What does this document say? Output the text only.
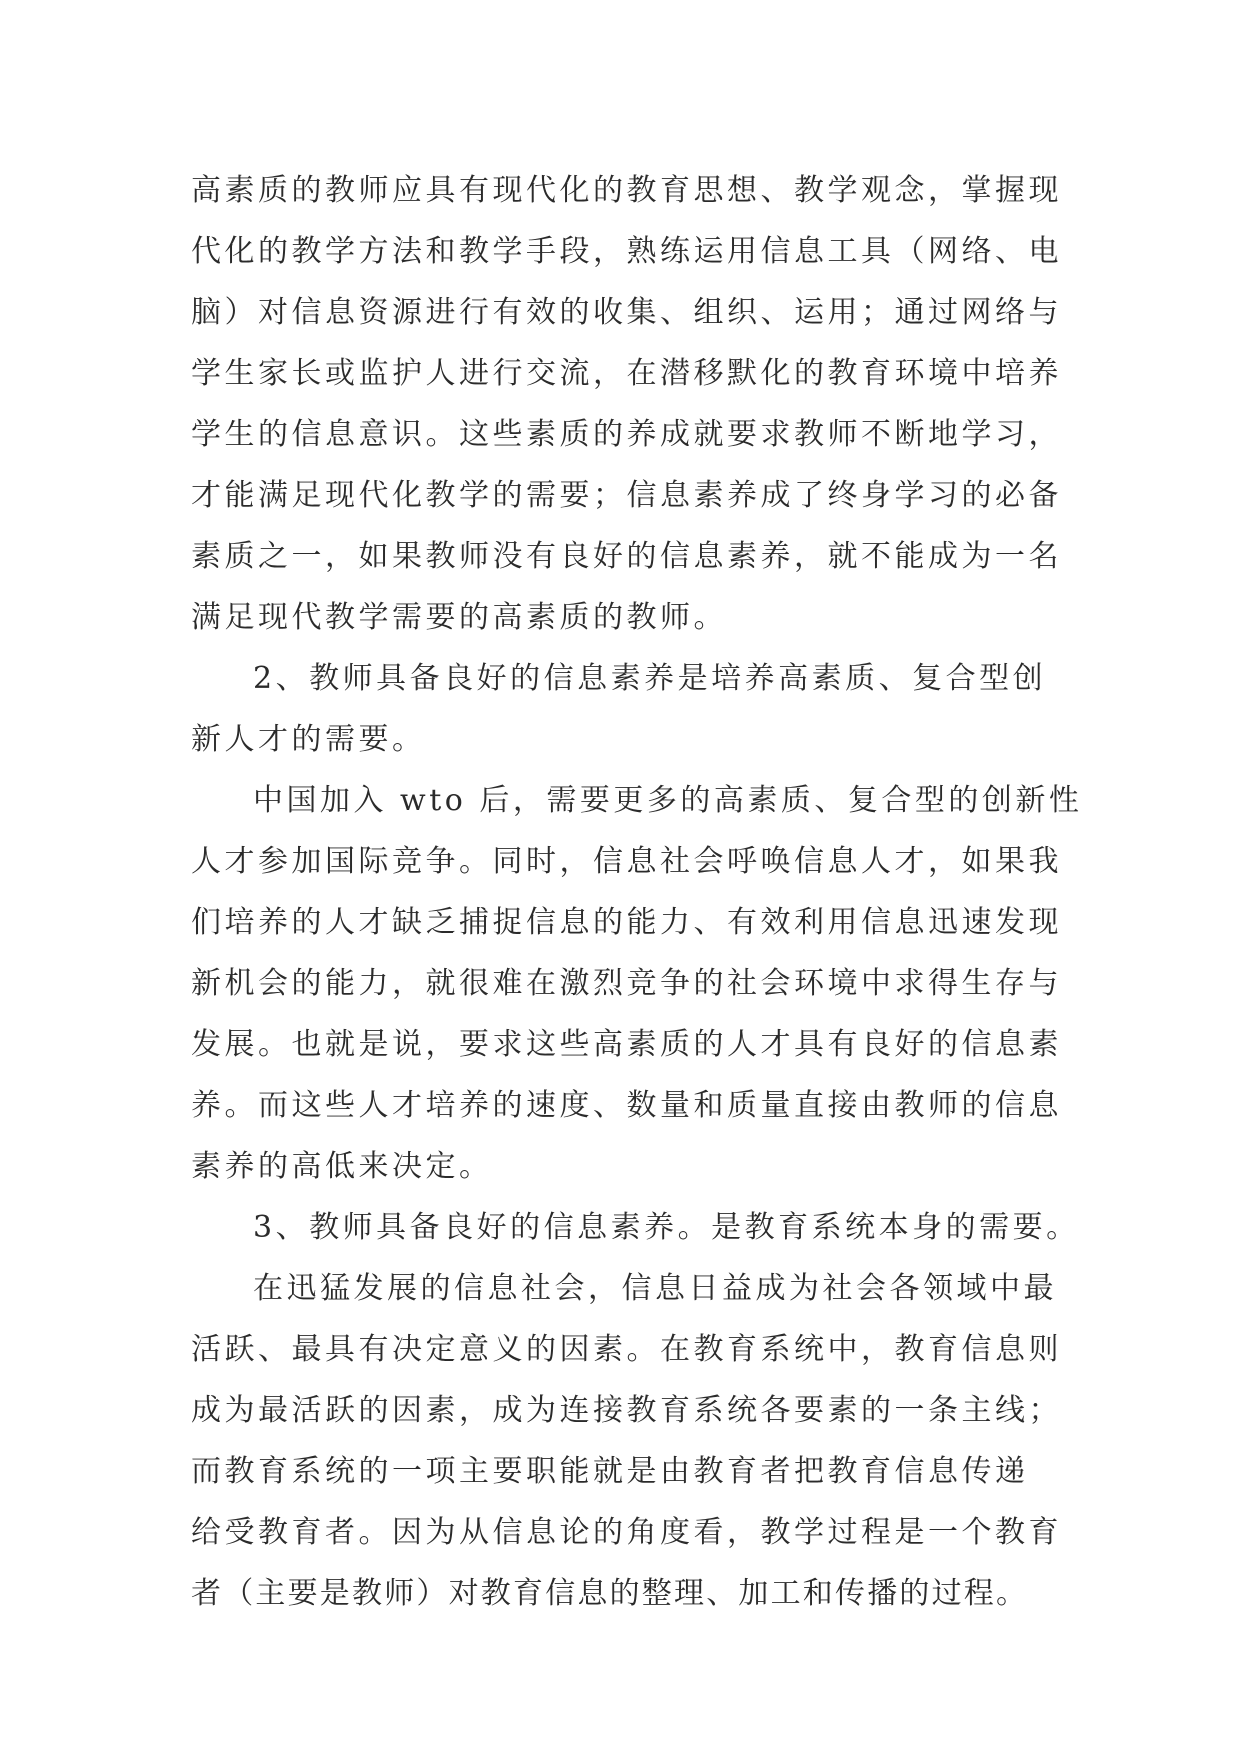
高素质的教师应具有现代化的教育思想、教学观念，掌握现
代化的教学方法和教学手段，熟练运用信息工具（网络、电
脑）对信息资源进行有效的收集、组织、运用；通过网络与
学生家长或监护人进行交流，在潜移默化的教育环境中培养
学生的信息意识。这些素质的养成就要求教师不断地学习，
才能满足现代化教学的需要；信息素养成了终身学习的必备
素质之一，如果教师没有良好的信息素养，就不能成为一名
满足现代教学需要的高素质的教师。
2、教师具备良好的信息素养是培养高素质、复合型创
新人才的需要。
中国加入 wto 后，需要更多的高素质、复合型的创新性
人才参加国际竞争。同时，信息社会呼唤信息人才，如果我
们培养的人才缺乏捕捉信息的能力、有效利用信息迅速发现
新机会的能力，就很难在激烈竞争的社会环境中求得生存与
发展。也就是说，要求这些高素质的人才具有良好的信息素
养。而这些人才培养的速度、数量和质量直接由教师的信息
素养的高低来决定。
3、教师具备良好的信息素养。是教育系统本身的需要。
在迅猛发展的信息社会，信息日益成为社会各领域中最
活跃、最具有决定意义的因素。在教育系统中，教育信息则
成为最活跃的因素，成为连接教育系统各要素的一条主线；
而教育系统的一项主要职能就是由教育者把教育信息传递
给受教育者。因为从信息论的角度看，教学过程是一个教育
者（主要是教师）对教育信息的整理、加工和传播的过程。
